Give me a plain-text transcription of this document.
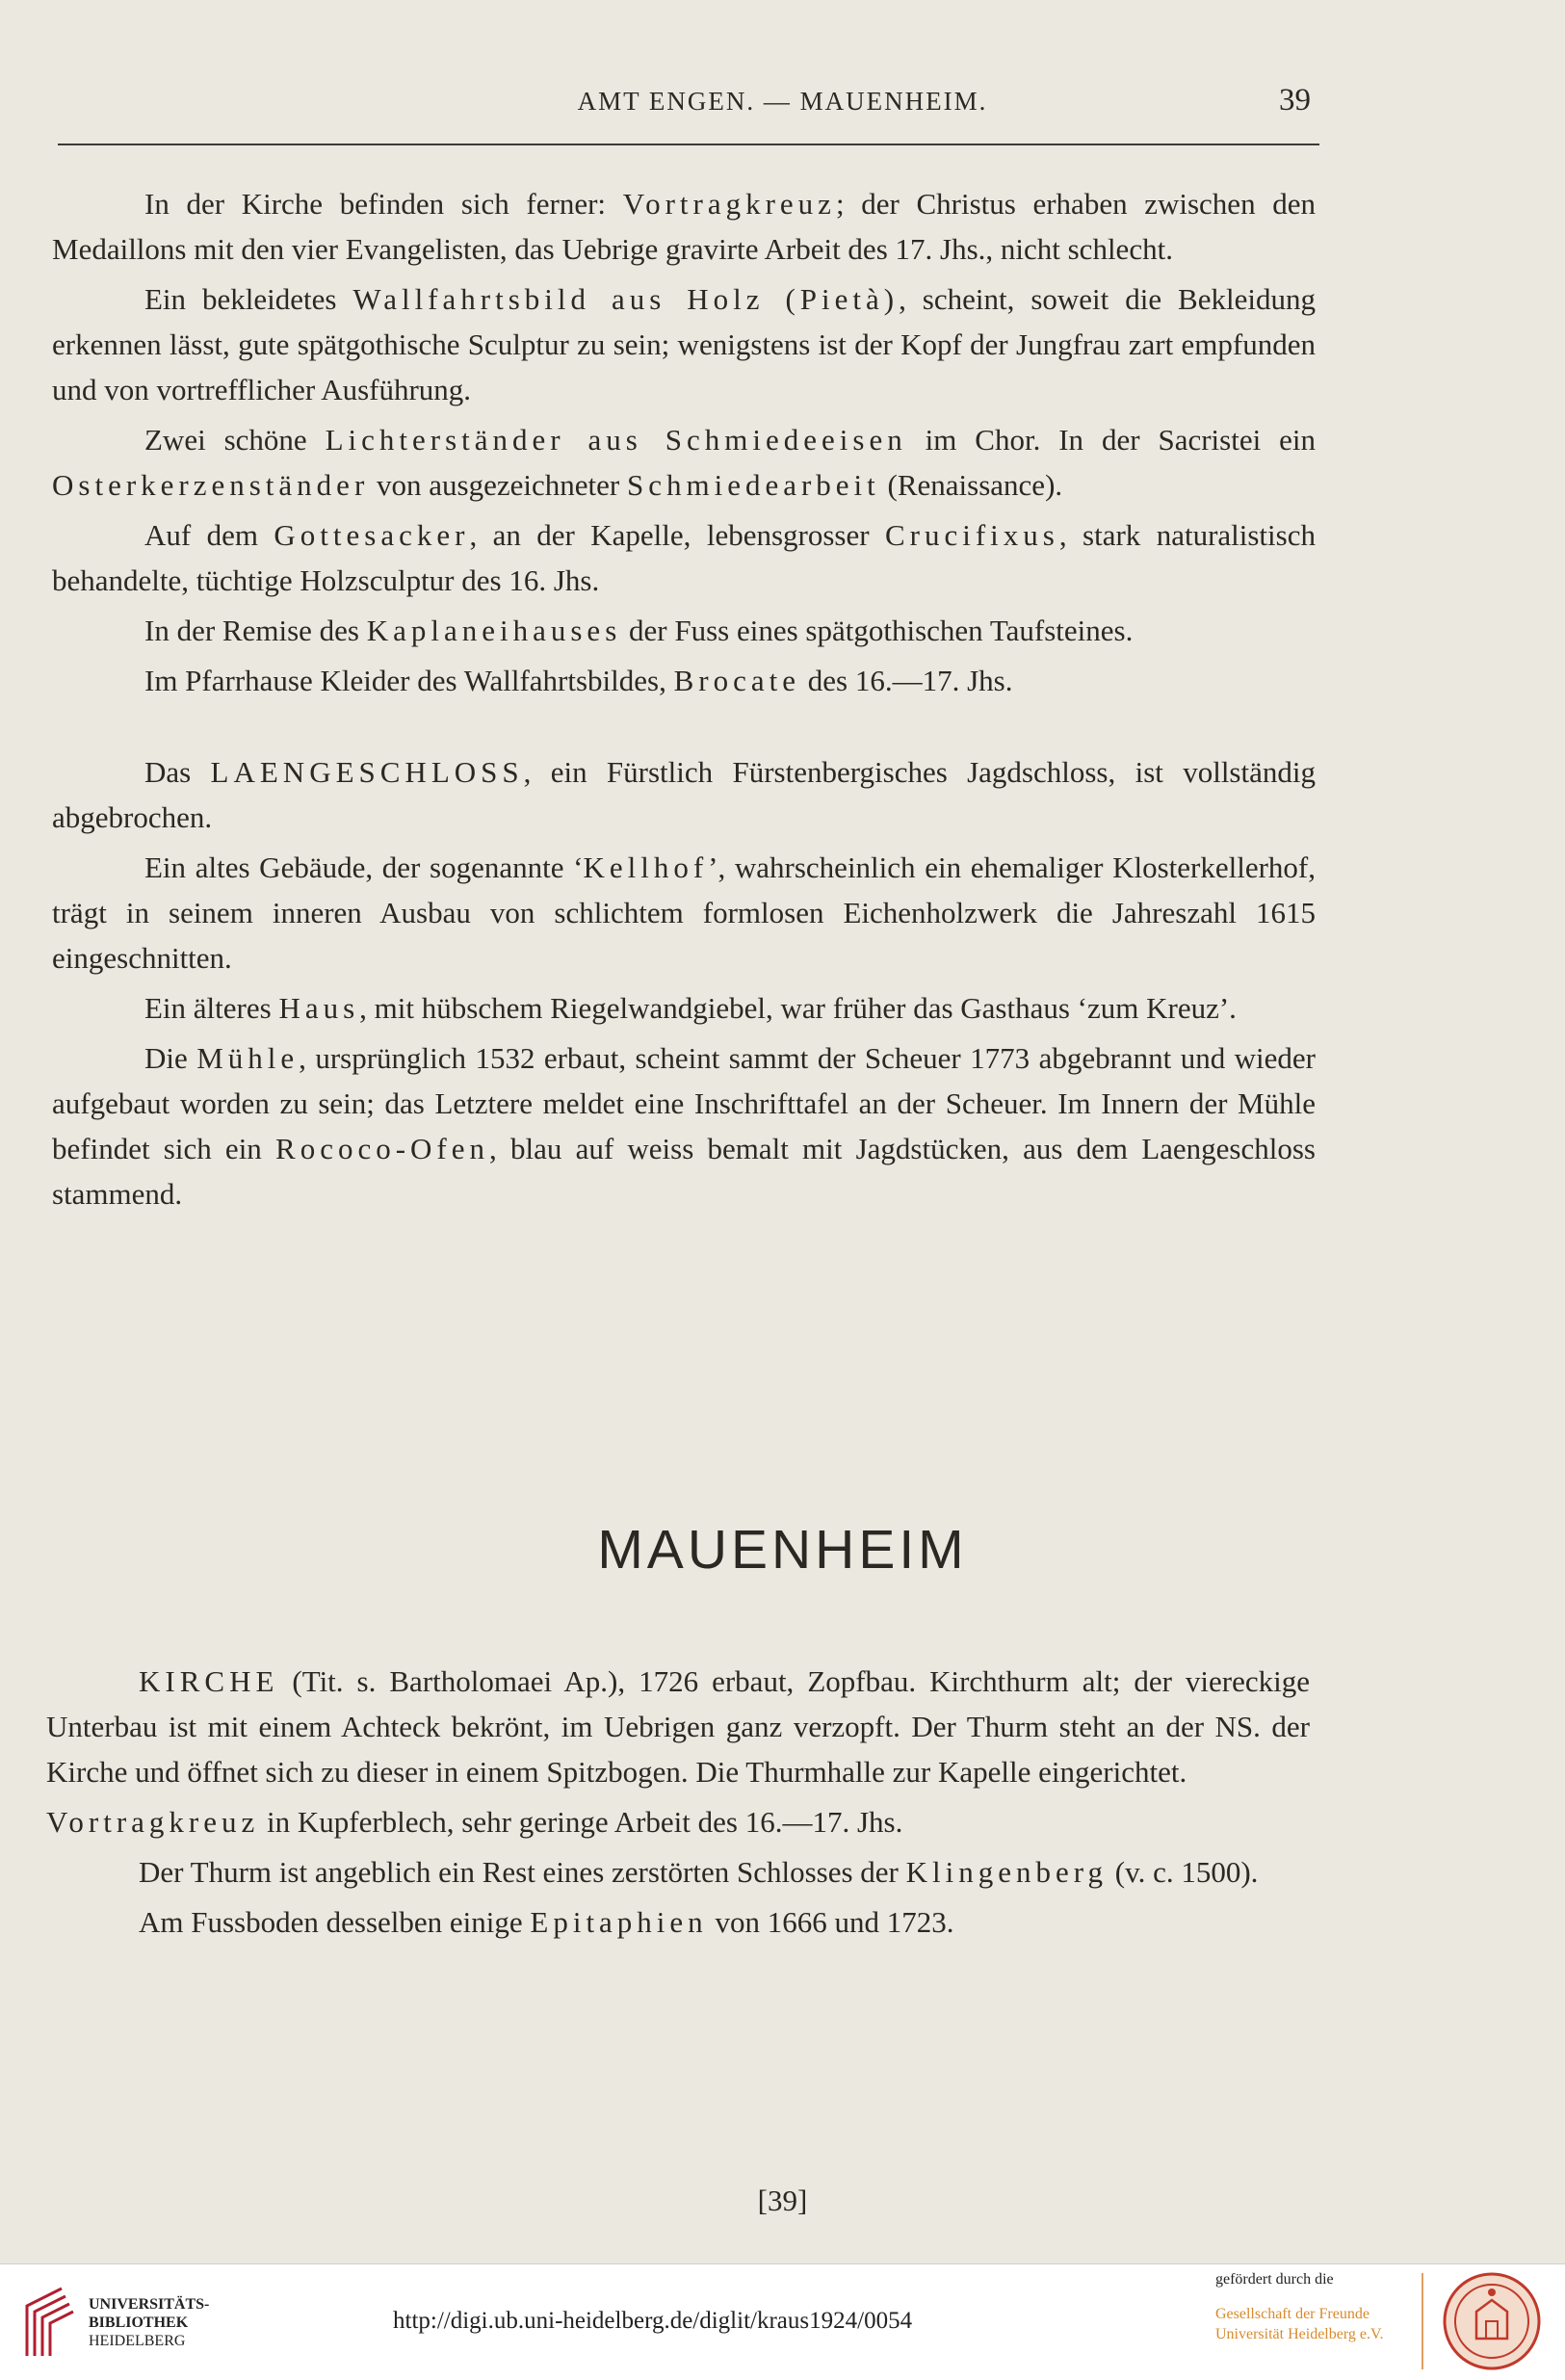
AMT ENGEN. — MAUENHEIM.	39

In der Kirche befinden sich ferner: Vortragkreuz; der Christus erhaben zwischen den Medaillons mit den vier Evangelisten, das Uebrige gravirte Arbeit des 17. Jhs., nicht schlecht.

Ein bekleidetes Wallfahrtsbild aus Holz (Pietà), scheint, soweit die Bekleidung erkennen lässt, gute spätgothische Sculptur zu sein; wenigstens ist der Kopf der Jungfrau zart empfunden und von vortrefflicher Ausführung.

Zwei schöne Lichterständer aus Schmiedeeisen im Chor. In der Sacristei ein Osterkerzenständer von ausgezeichneter Schmiedearbeit (Renaissance).

Auf dem Gottesacker, an der Kapelle, lebensgrosser Crucifixus, stark naturalistisch behandelte, tüchtige Holzsculptur des 16. Jhs.

In der Remise des Kaplaneihauses der Fuss eines spätgothischen Taufsteines.

Im Pfarrhause Kleider des Wallfahrtsbildes, Brocate des 16.—17. Jhs.

Das LAENGESCHLOSS, ein Fürstlich Fürstenbergisches Jagdschloss, ist vollständig abgebrochen.

Ein altes Gebäude, der sogenannte ‘Kellhof’, wahrscheinlich ein ehemaliger Klosterkellerhof, trägt in seinem inneren Ausbau von schlichtem formlosen Eichenholzwerk die Jahreszahl 1615 eingeschnitten.

Ein älteres Haus, mit hübschem Riegelwandgiebel, war früher das Gasthaus ‘zum Kreuz’.

Die Mühle, ursprünglich 1532 erbaut, scheint sammt der Scheuer 1773 abgebrannt und wieder aufgebaut worden zu sein; das Letztere meldet eine Inschrifttafel an der Scheuer. Im Innern der Mühle befindet sich ein Rococo-Ofen, blau auf weiss bemalt mit Jagdstücken, aus dem Laengeschloss stammend.

MAUENHEIM

KIRCHE (Tit. s. Bartholomaei Ap.), 1726 erbaut, Zopfbau. Kirchthurm alt; der viereckige Unterbau ist mit einem Achteck bekrönt, im Uebrigen ganz verzopft. Der Thurm steht an der NS. der Kirche und öffnet sich zu dieser in einem Spitzbogen. Die Thurmhalle zur Kapelle eingerichtet.

Vortragkreuz in Kupferblech, sehr geringe Arbeit des 16.—17. Jhs.

Der Thurm ist angeblich ein Rest eines zerstörten Schlosses der Klingenberg (v. c. 1500).

Am Fussboden desselben einige Epitaphien von 1666 und 1723.

[39]
UNIVERSITÄTS-
BIBLIOTHEK
HEIDELBERG
http://digi.ub.uni-heidelberg.de/diglit/kraus1924/0054
gefördert durch die
Gesellschaft der Freunde
Universität Heidelberg e.V.
